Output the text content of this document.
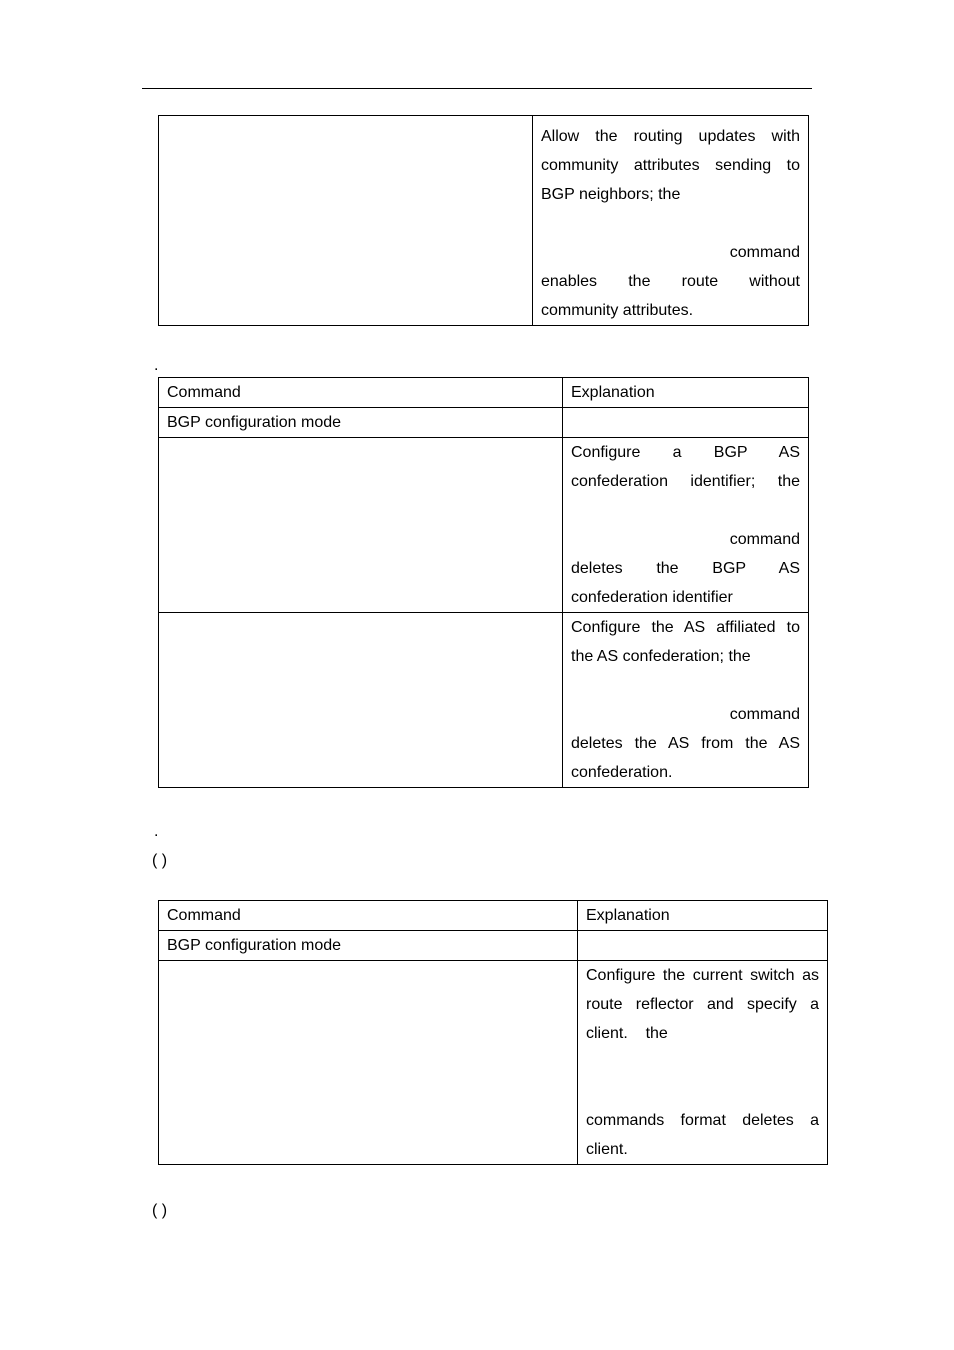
Allow the routing updates with
community attributes sending to
BGP neighbors; the
command
enables the route without
community attributes.
.
Command	Explanation
BGP configuration mode	

	Configure a BGP AS
confederation identifier; the
command
deletes the BGP AS
confederation identifier

	Configure the AS affiliated to
the AS confederation; the
command
deletes the AS from the AS
confederation.
.
( )
Command	Explanation
BGP configuration mode	

	Configure the current switch as
route reflector and specify a
client.    the
commands format deletes a
client.
( )
